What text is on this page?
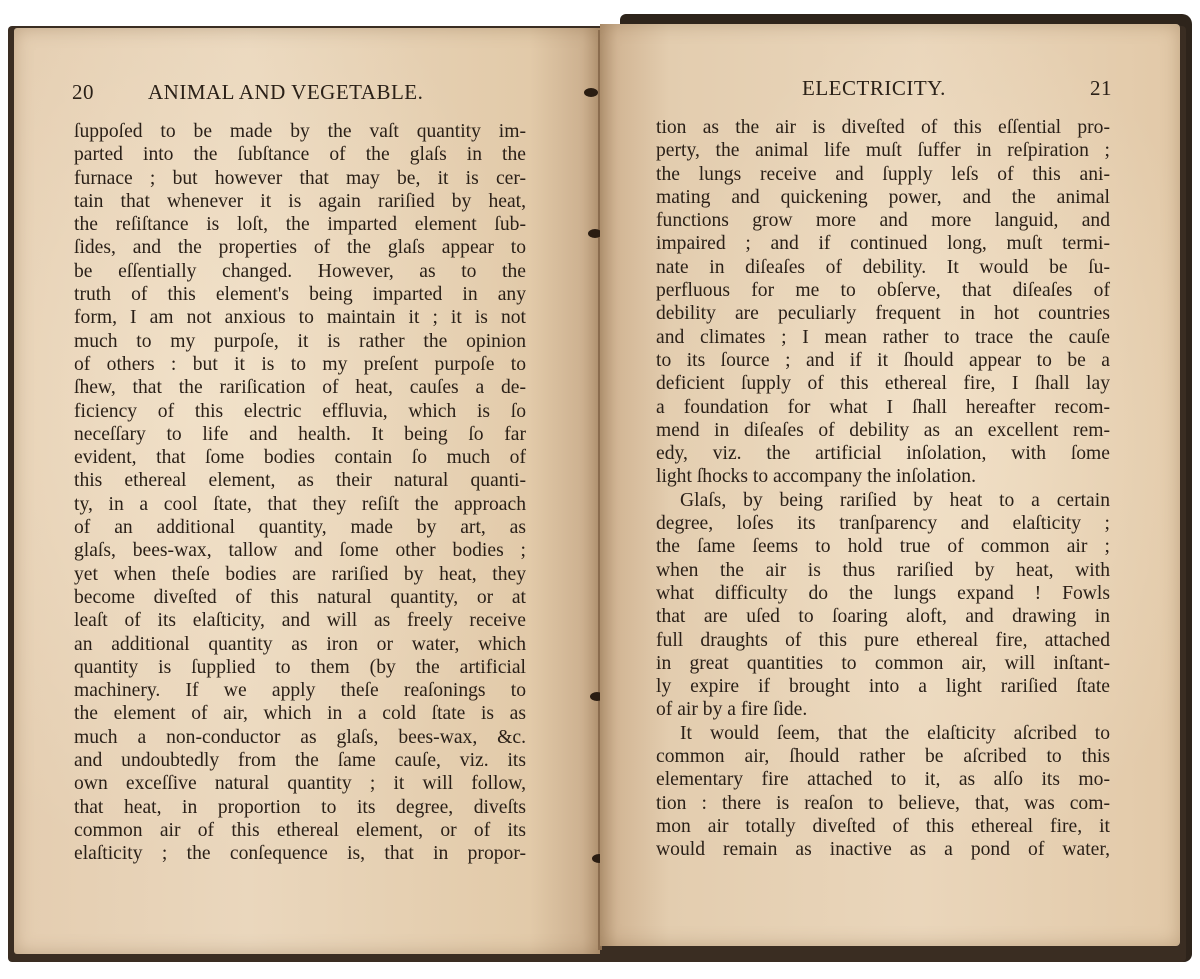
20	ANIMAL AND VEGETABLE.
ſuppoſed to be made by the vaſt quantity im-
parted into the ſubſtance of the glaſs in the
furnace ; but however that may be, it is cer-
tain that whenever it is again rariſied by heat,
the reſiſtance is loſt, the imparted element ſub-
ſides, and the properties of the glaſs appear to
be eſſentially changed. However, as to the
truth of this element's being imparted in any
form, I am not anxious to maintain it ; it is not
much to my purpoſe, it is rather the opinion
of others : but it is to my preſent purpoſe to
ſhew, that the rariſication of heat, cauſes a de-
ficiency of this electric effluvia, which is ſo
neceſſary to life and health. It being ſo far
evident, that ſome bodies contain ſo much of
this ethereal element, as their natural quanti-
ty, in a cool ſtate, that they reſiſt the approach
of an additional quantity, made by art, as
glaſs, bees-wax, tallow and ſome other bodies ;
yet when theſe bodies are rariſied by heat, they
become diveſted of this natural quantity, or at
leaſt of its elaſticity, and will as freely receive
an additional quantity as iron or water, which
quantity is ſupplied to them (by the artificial
machinery. If we apply theſe reaſonings to
the element of air, which in a cold ſtate is as
much a non-conductor as glaſs, bees-wax, &c.
and undoubtedly from the ſame cauſe, viz. its
own exceſſive natural quantity ; it will follow,
that heat, in proportion to its degree, diveſts
common air of this ethereal element, or of its
elaſticity ; the conſequence is, that in propor-
ELECTRICITY.	21
tion as the air is diveſted of this eſſential pro-
perty, the animal life muſt ſuffer in reſpiration ;
the lungs receive and ſupply leſs of this ani-
mating and quickening power, and the animal
functions grow more and more languid, and
impaired ; and if continued long, muſt termi-
nate in diſeaſes of debility. It would be ſu-
perfluous for me to obſerve, that diſeaſes of
debility are peculiarly frequent in hot countries
and climates ; I mean rather to trace the cauſe
to its ſource ; and if it ſhould appear to be a
deficient ſupply of this ethereal fire, I ſhall lay
a foundation for what I ſhall hereafter recom-
mend in diſeaſes of debility as an excellent rem-
edy, viz. the artificial inſolation, with ſome
light ſhocks to accompany the inſolation.
Glaſs, by being rariſied by heat to a certain
degree, loſes its tranſparency and elaſticity ;
the ſame ſeems to hold true of common air ;
when the air is thus rariſied by heat, with
what difficulty do the lungs expand ! Fowls
that are uſed to ſoaring aloft, and drawing in
full draughts of this pure ethereal fire, attached
in great quantities to common air, will inſtant-
ly expire if brought into a light rariſied ſtate
of air by a fire ſide.
It would ſeem, that the elaſticity aſcribed to
common air, ſhould rather be aſcribed to this
elementary fire attached to it, as alſo its mo-
tion : there is reaſon to believe, that, was com-
mon air totally diveſted of this ethereal fire, it
would remain as inactive as a pond of water,
